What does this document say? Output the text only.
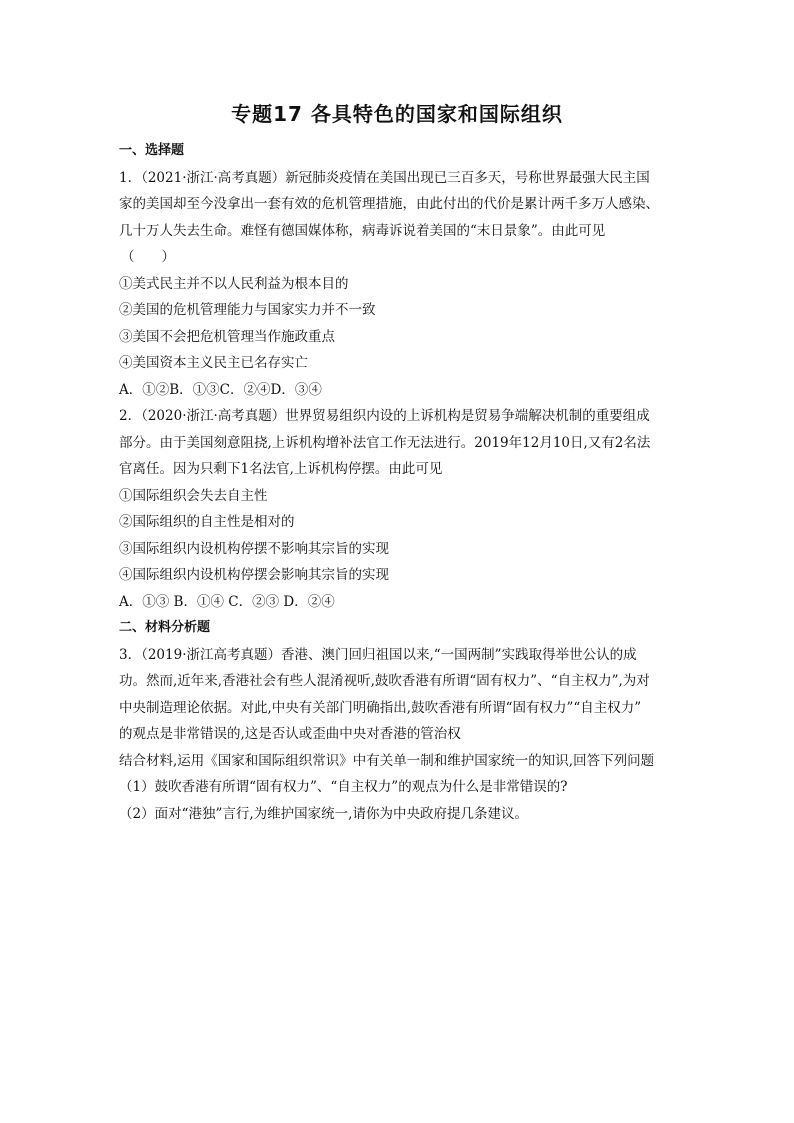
专题17 各具特色的国家和国际组织
一、选择题
1．（2021·浙江·高考真题）新冠肺炎疫情在美国出现已三百多天，号称世界最强大民主国
家的美国却至今没拿出一套有效的危机管理措施，由此付出的代价是累计两千多万人感染、
几十万人失去生命。难怪有德国媒体称，病毒诉说着美国的“末日景象”。由此可见
（　　）
①美式民主并不以人民利益为根本目的
②美国的危机管理能力与国家实力并不一致
③美国不会把危机管理当作施政重点
④美国资本主义民主已名存实亡
A．①②B．①③C．②④D．③④
2．（2020·浙江·高考真题）世界贸易组织内设的上诉机构是贸易争端解决机制的重要组成
部分。由于美国刻意阻挠,上诉机构增补法官工作无法进行。2019年12月10日,又有2名法
官离任。因为只剩下1名法官,上诉机构停摆。由此可见
①国际组织会失去自主性
②国际组织的自主性是相对的
③国际组织内设机构停摆不影响其宗旨的实现
④国际组织内设机构停摆会影响其宗旨的实现
A．①③ B．①④ C．②③ D．②④
二、材料分析题
3．（2019·浙江高考真题）香港、澳门回归祖国以来,“一国两制”实践取得举世公认的成
功。然而,近年来,香港社会有些人混淆视听,鼓吹香港有所谓“固有权力”、“自主权力”,为对
中央制造理论依据。对此,中央有关部门明确指出,鼓吹香港有所谓“固有权力”“自主权力”
的观点是非常错误的,这是否认或歪曲中央对香港的管治权
结合材料,运用《国家和国际组织常识》中有关单一制和维护国家统一的知识,回答下列问题
（1）鼓吹香港有所谓“固有权力”、“自主权力”的观点为什么是非常错误的?
（2）面对“港独”言行,为维护国家统一,请你为中央政府提几条建议。
